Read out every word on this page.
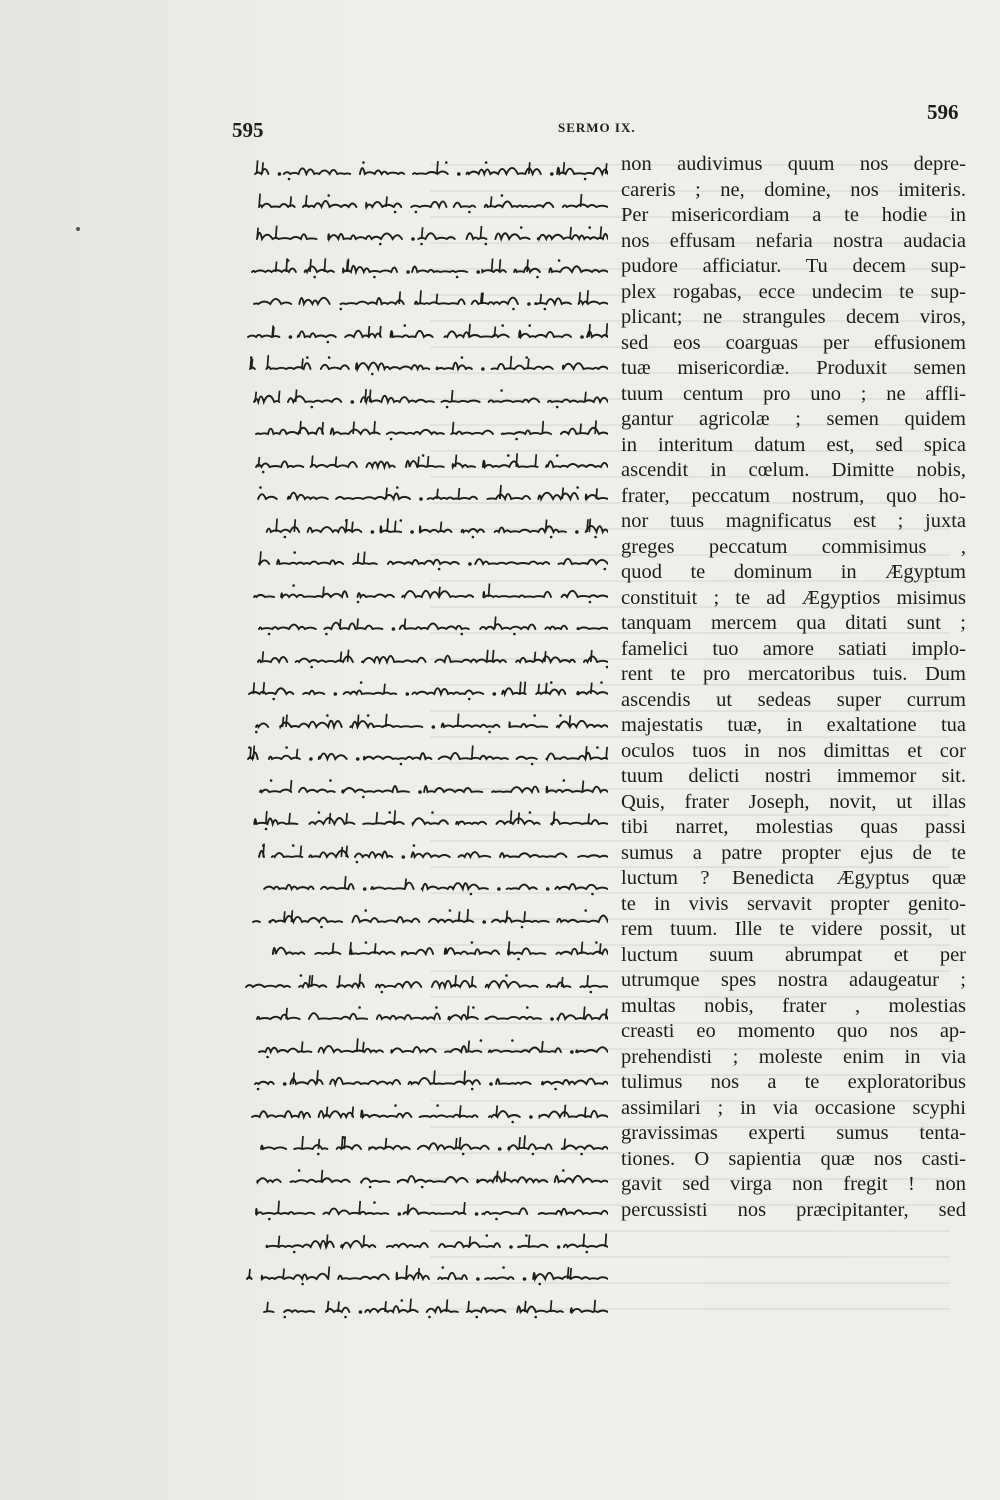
595	SERMO IX.
596
non audivimus quum nos depre-
careris ; ne, domine, nos imiteris.
Per misericordiam a te hodie in
nos effusam nefaria nostra audacia
pudore afficiatur. Tu decem sup-
plex rogabas, ecce undecim te sup-
plicant; ne strangules decem viros,
sed eos coarguas per effusionem
tuæ misericordiæ. Produxit semen
tuum centum pro uno ; ne affli-
gantur agricolæ ; semen quidem
in interitum datum est, sed spica
ascendit in cœlum. Dimitte nobis,
frater, peccatum nostrum, quo ho-
nor tuus magnificatus est ; juxta
greges peccatum commisimus ,
quod te dominum in Ægyptum
constituit ; te ad Ægyptios misimus
tanquam mercem qua ditati sunt ;
famelici tuo amore satiati implo-
rent te pro mercatoribus tuis. Dum
ascendis ut sedeas super currum
majestatis tuæ, in exaltatione tua
oculos tuos in nos dimittas et cor
tuum delicti nostri immemor sit.
Quis, frater Joseph, novit, ut illas
tibi narret, molestias quas passi
sumus a patre propter ejus de te
luctum ? Benedicta Ægyptus quæ
te in vivis servavit propter genito-
rem tuum. Ille te videre possit, ut
luctum suum abrumpat et per
utrumque spes nostra adaugeatur ;
multas nobis, frater , molestias
creasti eo momento quo nos ap-
prehendisti ; moleste enim in via
tulimus nos a te exploratoribus
assimilari ; in via occasione scyphi
gravissimas experti sumus tenta-
tiones. O sapientia quæ nos casti-
gavit sed virga non fregit ! non
percussisti nos præcipitanter, sed
